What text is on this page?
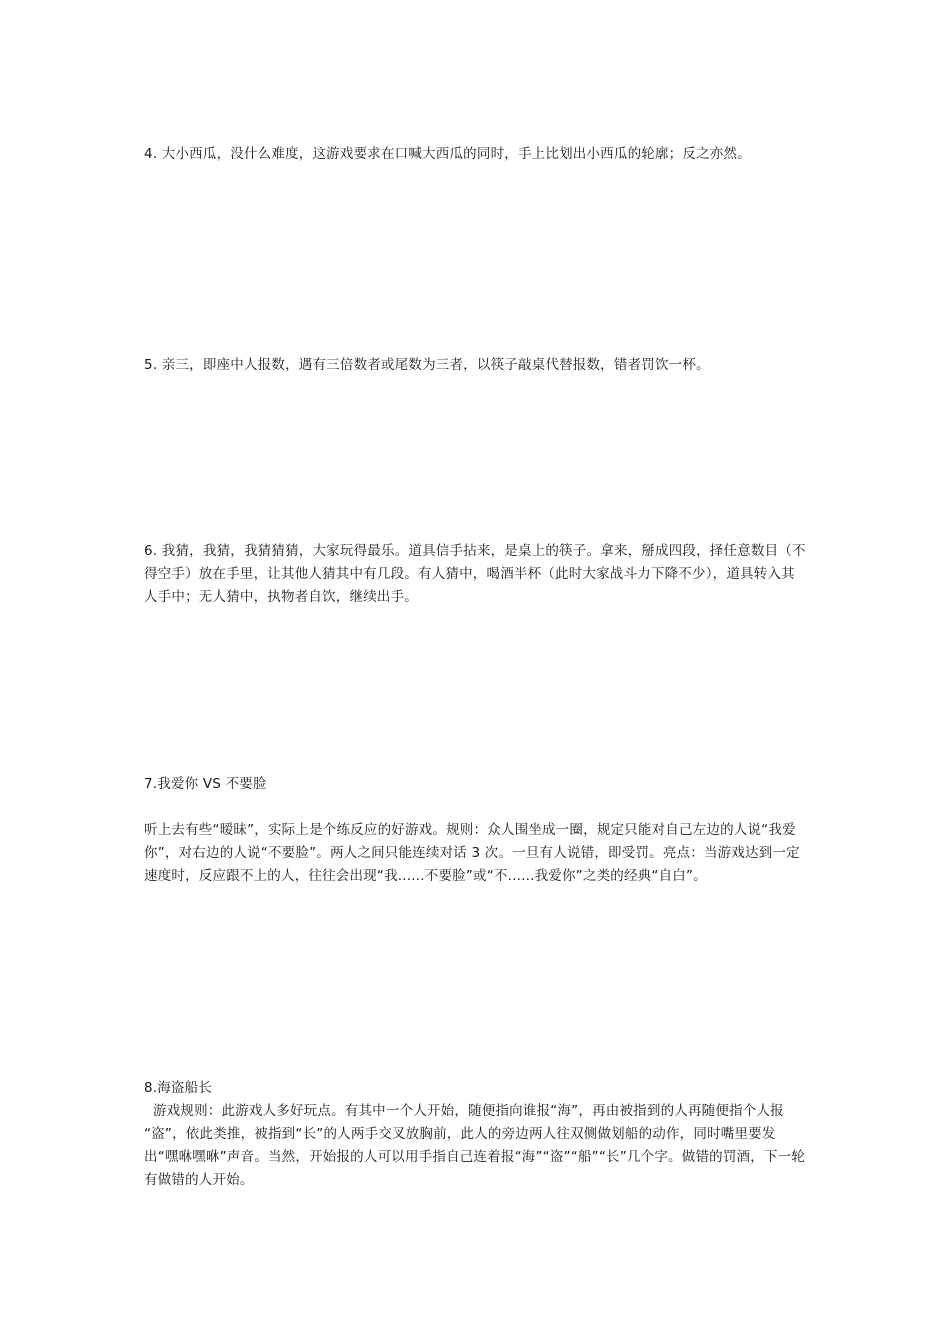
4. 大小西瓜，没什么难度，这游戏要求在口喊大西瓜的同时，手上比划出小西瓜的轮廓；反之亦然。

5. 亲三，即座中人报数，遇有三倍数者或尾数为三者，以筷子敲桌代替报数，错者罚饮一杯。

6. 我猜，我猜，我猜猜猜，大家玩得最乐。道具信手拈来，是桌上的筷子。拿来，掰成四段，择任意数目（不得空手）放在手里，让其他人猜其中有几段。有人猜中，喝酒半杯（此时大家战斗力下降不少），道具转入其人手中；无人猜中，执物者自饮，继续出手。

7.我爱你 VS 不要脸

听上去有些“暧昧”，实际上是个练反应的好游戏。规则：众人围坐成一圈，规定只能对自己左边的人说“我爱你”，对右边的人说“不要脸”。两人之间只能连续对话 3 次。一旦有人说错，即受罚。亮点：当游戏达到一定速度时，反应跟不上的人，往往会出现“我......不要脸”或“不......我爱你”之类的经典“自白”。

8.海盗船长

游戏规则：此游戏人多好玩点。有其中一个人开始，随便指向谁报“海”，再由被指到的人再随便指个人报 “盗”，依此类推，被指到“长”的人两手交叉放胸前，此人的旁边两人往双侧做划船的动作，同时嘴里要发   出“嘿咻嘿咻”声音。当然，开始报的人可以用手指自己连着报“海”“盗”“船”“长”几个字。做错的罚酒，下一轮有做错的人开始。
